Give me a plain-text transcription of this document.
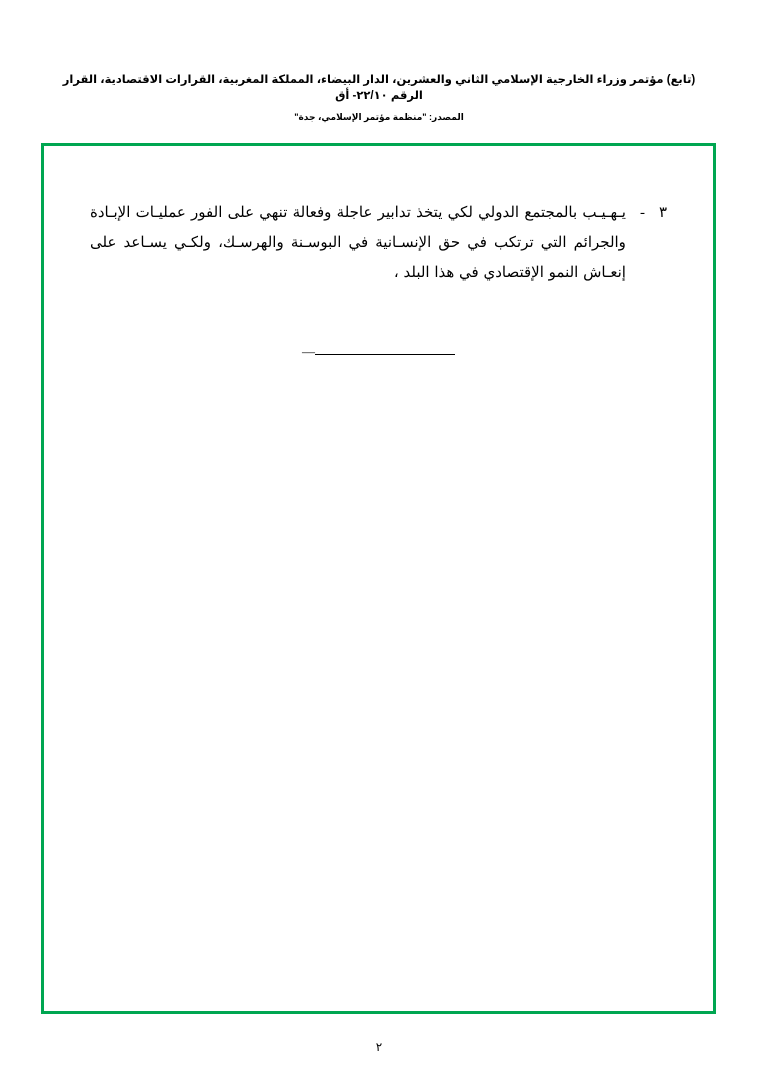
(تابع) مؤتمر وزراء الخارجية الإسلامي الثاني والعشرين، الدار البيضاء، المملكة المغربية، القرارات الاقتصادية، القرار الرقم ٢٢/١٠- أق
المصدر: "منظمة مؤتمر الإسلامي، جدة"
٣
-
يـهـيـب بالمجتمع الدولي لكي يتخذ تدابير عاجلة وفعالة تنهي على الفور عمليـات الإبـادة والجرائم التي ترتكب في حق الإنسـانية في البوسـنة والهرسـك، ولكـي يسـاعد على إنعـاش النمو الإقتصادي في هذا البلد ،
—
٢
